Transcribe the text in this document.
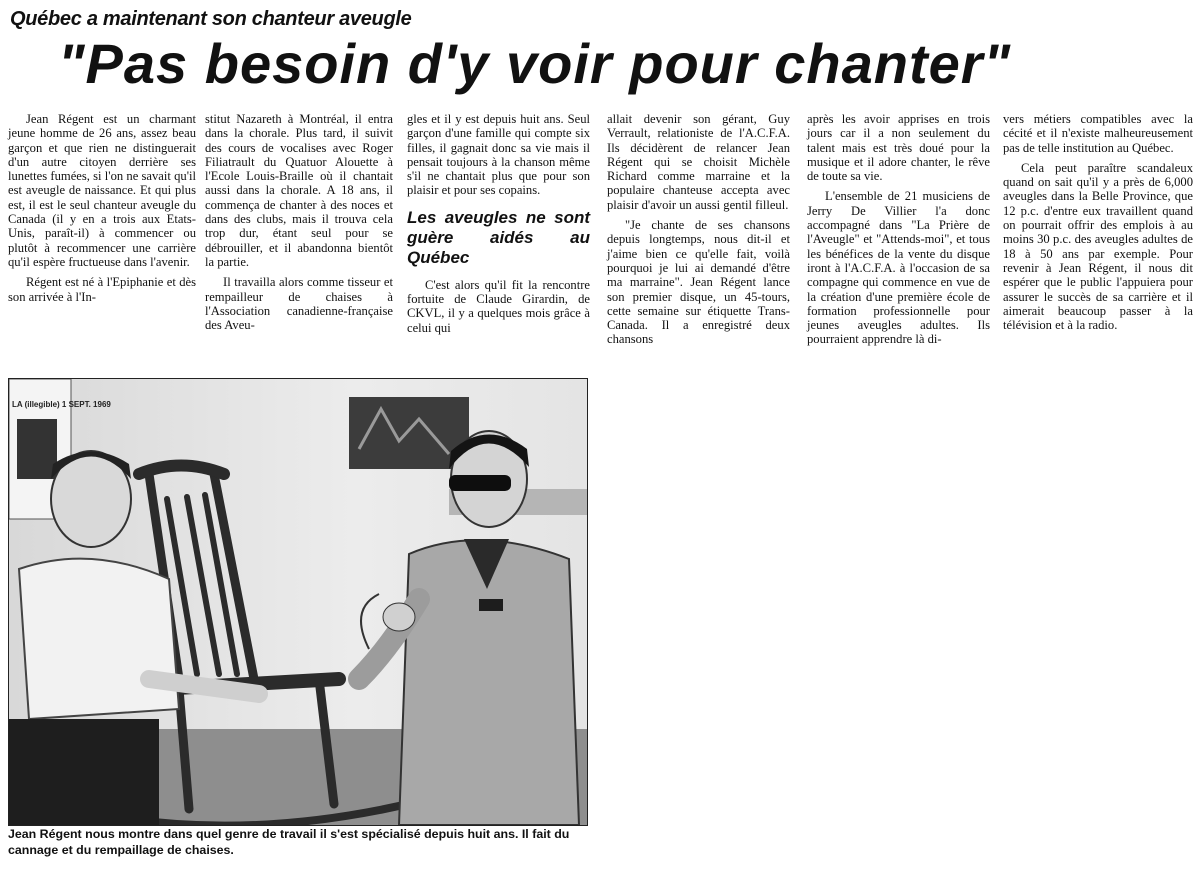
Québec a maintenant son chanteur aveugle
"Pas besoin d'y voir pour chanter"

Jean Régent est un charmant jeune homme de 26 ans, assez beau garçon et que rien ne distinguerait d'un autre citoyen derrière ses lunettes fumées, si l'on ne savait qu'il est aveugle de naissance. Et qui plus est, il est le seul chanteur aveugle du Canada (il y en a trois aux Etats-Unis, paraît-il) à commencer ou plutôt à recommencer une carrière qu'il espère fructueuse dans l'avenir.

Régent est né à l'Epiphanie et dès son arrivée à l'In-

stitut Nazareth à Montréal, il entra dans la chorale. Plus tard, il suivit des cours de vocalises avec Roger Filiatrault du Quatuor Alouette à l'Ecole Louis-Braille où il chantait aussi dans la chorale. A 18 ans, il commença de chanter à des noces et dans des clubs, mais il trouva cela trop dur, étant seul pour se débrouiller, et il abandonna bientôt la partie.

Il travailla alors comme tisseur et rempailleur de chaises à l'Association canadienne-française des Aveu-

gles et il y est depuis huit ans. Seul garçon d'une famille qui compte six filles, il gagnait donc sa vie mais il pensait toujours à la chanson même s'il ne chantait plus que pour son plaisir et pour ses copains.

Les aveugles ne sont guère aidés au Québec

C'est alors qu'il fit la rencontre fortuite de Claude Girardin, de CKVL, il y a quelques mois grâce à celui qui

allait devenir son gérant, Guy Verrault, relationiste de l'A.C.F.A. Ils décidèrent de relancer Jean Régent qui se choisit Michèle Richard comme marraine et la populaire chanteuse accepta avec plaisir d'avoir un aussi gentil filleul.

"Je chante de ses chansons depuis longtemps, nous dit-il et j'aime bien ce qu'elle fait, voilà pourquoi je lui ai demandé d'être ma marraine". Jean Régent lance son premier disque, un 45-tours, cette semaine sur étiquette Trans-Canada. Il a enregistré deux chansons

après les avoir apprises en trois jours car il a non seulement du talent mais est très doué pour la musique et il adore chanter, le rêve de toute sa vie.

L'ensemble de 21 musiciens de Jerry De Villier l'a donc accompagné dans "La Prière de l'Aveugle" et "Attends-moi", et tous les bénéfices de la vente du disque iront à l'A.C.F.A. à l'occasion de sa compagne qui commence en vue de la création d'une première école de formation professionnelle pour jeunes aveugles adultes. Ils pourraient apprendre là di-

vers métiers compatibles avec la cécité et il n'existe malheureusement pas de telle institution au Québec.

Cela peut paraître scandaleux quand on sait qu'il y a près de 6,000 aveugles dans la Belle Province, que 12 p.c. d'entre eux travaillent quand on pourrait offrir des emplois à au moins 30 p.c. des aveugles adultes de 18 à 50 ans par exemple. Pour revenir à Jean Régent, il nous dit espérer que le public l'appuiera pour assurer le succès de sa carrière et il aimerait beaucoup passer à la télévision et à la radio.

LA (illegible) 1 SEPT. 1969
Jean Régent nous montre dans quel genre de travail il s'est spécialisé depuis huit ans. Il fait du cannage et du rempaillage de chaises.
